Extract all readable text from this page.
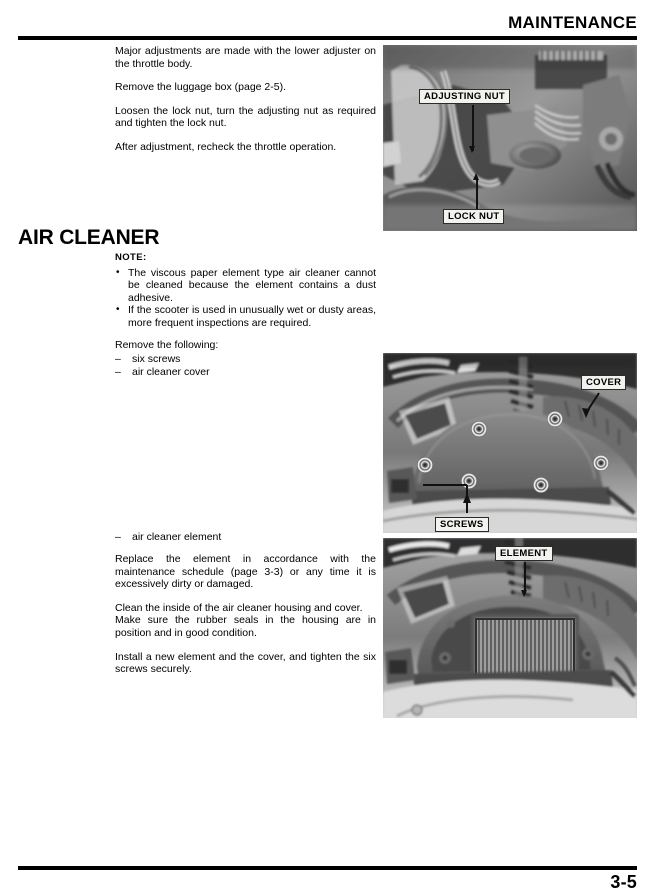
MAINTENANCE

Major adjustments are made with the lower adjuster on the throttle body.

Remove the luggage box (page 2-5).

Loosen the lock nut, turn the adjusting nut as required and tighten the lock nut.

After adjustment, recheck the throttle operation.

AIR CLEANER

NOTE:

• The viscous paper element type air cleaner cannot be cleaned because the element contains a dust adhesive.
• If the scooter is used in unusually wet or dusty areas, more frequent inspections are required.

Remove the following:

– six screws
– air cleaner cover
– air cleaner element

Replace the element in accordance with the maintenance schedule (page 3-3) or any time it is excessively dirty or damaged.

Clean the inside of the air cleaner housing and cover.

Make sure the rubber seals in the housing are in position and in good condition.

Install a new element and the cover, and tighten the six screws securely.

ADJUSTING NUT
LOCK NUT
COVER
SCREWS
ELEMENT
3-5
